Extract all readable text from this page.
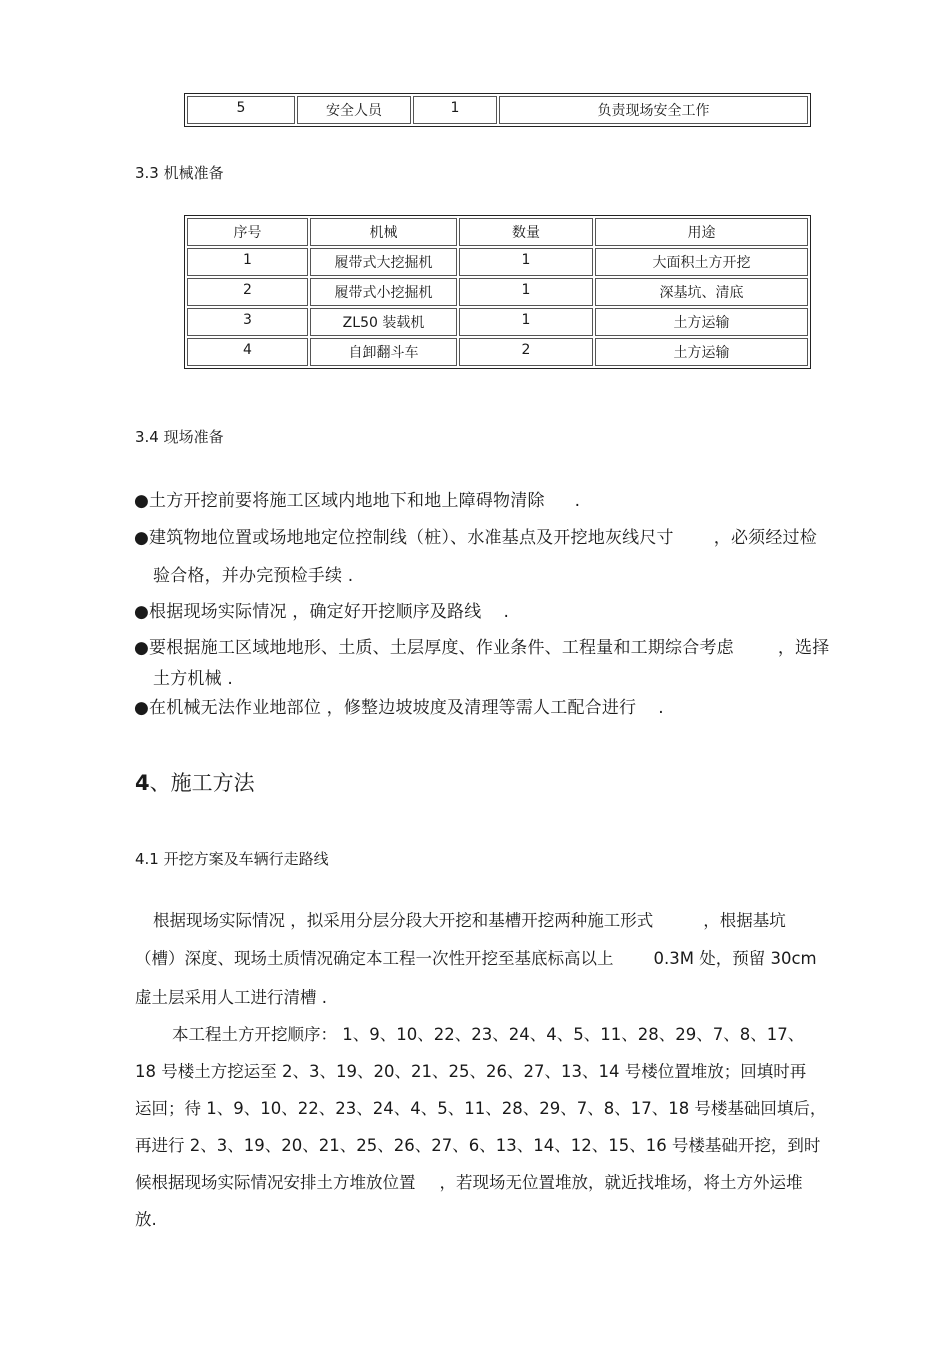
5	安全人员	1	负责现场安全工作
3.3 机械准备
序号	机械	数量	用途
1	履带式大挖掘机	1	大面积土方开挖
2	履带式小挖掘机	1	深基坑、清底
3	ZL50 装载机	1	土方运输
4	自卸翻斗车	2	土方运输
3.4 现场准备
●土方开挖前要将施工区域内地地下和地上障碍物清除 .
●建筑物地位置或场地地定位控制线（桩）、水准基点及开挖地灰线尺寸 ，必须经过检
验合格，并办完预检手续 .
●根据现场实际情况 ，确定好开挖顺序及路线 .
●要根据施工区域地地形、土质、土层厚度、作业条件、工程量和工期综合考虑	，选择
土方机械 .
●在机械无法作业地部位 ，修整边坡坡度及清理等需人工配合进行 .
4、施工方法
4.1 开挖方案及车辆行走路线
根据现场实际情况 ，拟采用分层分段大开挖和基槽开挖两种施工形式	，根据基坑
（槽）深度、现场土质情况确定本工程一次性开挖至基底标高以上 0.3M 处，预留 30cm
虚土层采用人工进行清槽 .
本工程土方开挖顺序： 1、9、10、22、23、24、4、5、11、28、29、7、8、17、
18 号楼土方挖运至 2、3、19、20、21、25、26、27、13、14 号楼位置堆放；回填时再
运回；待 1、9、10、22、23、24、4、5、11、28、29、7、8、17、18 号楼基础回填后，
再进行 2、3、19、20、21、25、26、27、6、13、14、12、15、16 号楼基础开挖，到时
候根据现场实际情况安排土方堆放位置 ，若现场无位置堆放，就近找堆场，将土方外运堆
放.
